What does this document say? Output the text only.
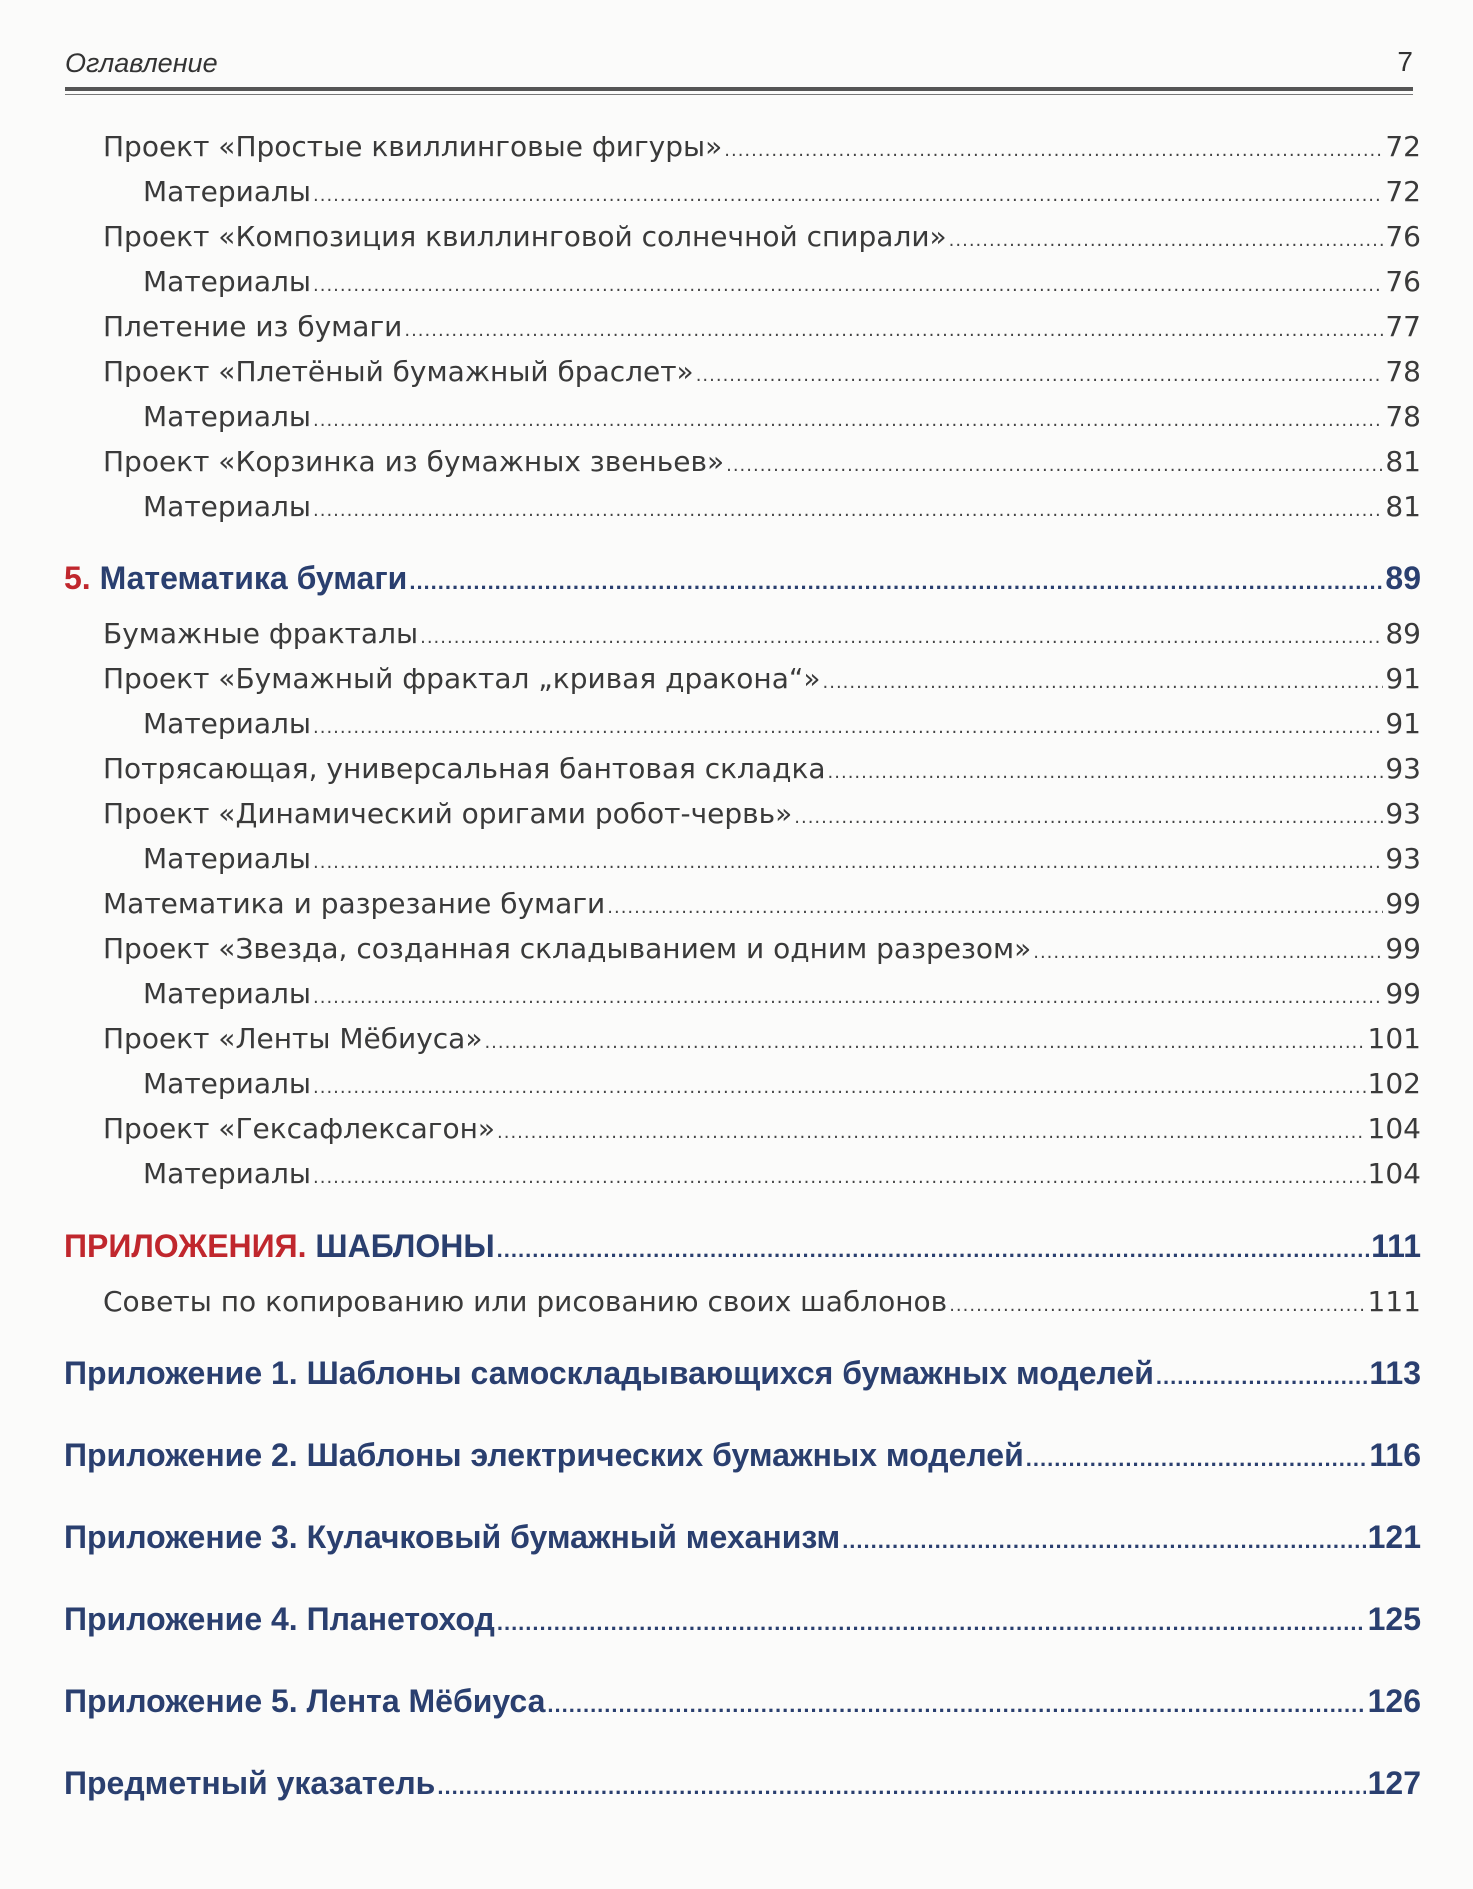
Оглавление	7
Проект «Простые квиллинговые фигуры» .....	72
Материалы .....	72
Проект «Композиция квиллинговой солнечной спирали» .....	76
Материалы .....	76
Плетение из бумаги .....	77
Проект «Плетёный бумажный браслет» .....	78
Материалы .....	78
Проект «Корзинка из бумажных звеньев» .....	81
Материалы .....	81
5. Математика бумаги .....	89
Бумажные фракталы .....	89
Проект «Бумажный фрактал „кривая дракона“» .....	91
Материалы .....	91
Потрясающая, универсальная бантовая складка .....	93
Проект «Динамический оригами робот-червь» .....	93
Материалы .....	93
Математика и разрезание бумаги .....	99
Проект «Звезда, созданная складыванием и одним разрезом» .....	99
Материалы .....	99
Проект «Ленты Мёбиуса» .....	101
Материалы .....	102
Проект «Гексафлексагон» .....	104
Материалы .....	104
ПРИЛОЖЕНИЯ. ШАБЛОНЫ .....	111
Советы по копированию или рисованию своих шаблонов .....	111
Приложение 1. Шаблоны самоскладывающихся бумажных моделей .....	113
Приложение 2. Шаблоны электрических бумажных моделей .....	116
Приложение 3. Кулачковый бумажный механизм .....	121
Приложение 4. Планетоход .....	125
Приложение 5. Лента Мёбиуса .....	126
Предметный указатель .....	127
